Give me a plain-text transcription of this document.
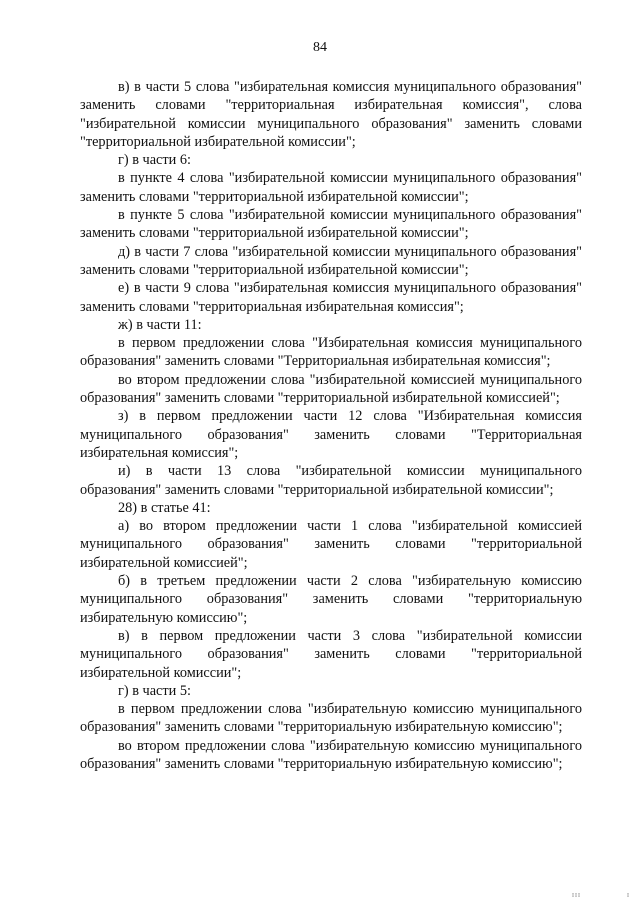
84

в) в части 5 слова "избирательная комиссия муниципального образования" заменить словами "территориальная избирательная комиссия", слова "избирательной комиссии муниципального образования" заменить словами "территориальной избирательной комиссии";

г) в части 6:

в пункте 4 слова "избирательной комиссии муниципального образования" заменить словами "территориальной избирательной комиссии";

в пункте 5 слова "избирательной комиссии муниципального образования" заменить словами "территориальной избирательной комиссии";

д) в части 7 слова "избирательной комиссии муниципального образования" заменить словами "территориальной избирательной комиссии";

е) в части 9 слова "избирательная комиссия муниципального образования" заменить словами "территориальная избирательная комиссия";

ж) в части 11:

в первом предложении слова "Избирательная комиссия муниципального образования" заменить словами "Территориальная избирательная комиссия";

во втором предложении слова "избирательной комиссией муниципального образования" заменить словами "территориальной избирательной комиссией";

з) в первом предложении части 12 слова "Избирательная комиссия муниципального образования" заменить словами "Территориальная избирательная комиссия";

и) в части 13 слова "избирательной комиссии муниципального образования" заменить словами "территориальной избирательной комиссии";

28) в статье 41:

а) во втором предложении части 1 слова "избирательной комиссией муниципального образования" заменить словами "территориальной избирательной комиссией";

б) в третьем предложении части 2 слова "избирательную комиссию муниципального образования" заменить словами "территориальную избирательную комиссию";

в) в первом предложении части 3 слова "избирательной комиссии муниципального образования" заменить словами "территориальной избирательной комиссии";

г) в части 5:

в первом предложении слова "избирательную комиссию муниципального образования" заменить словами "территориальную избирательную комиссию";

во втором предложении слова "избирательную комиссию муниципального образования" заменить словами "территориальную избирательную комиссию";

III	I
